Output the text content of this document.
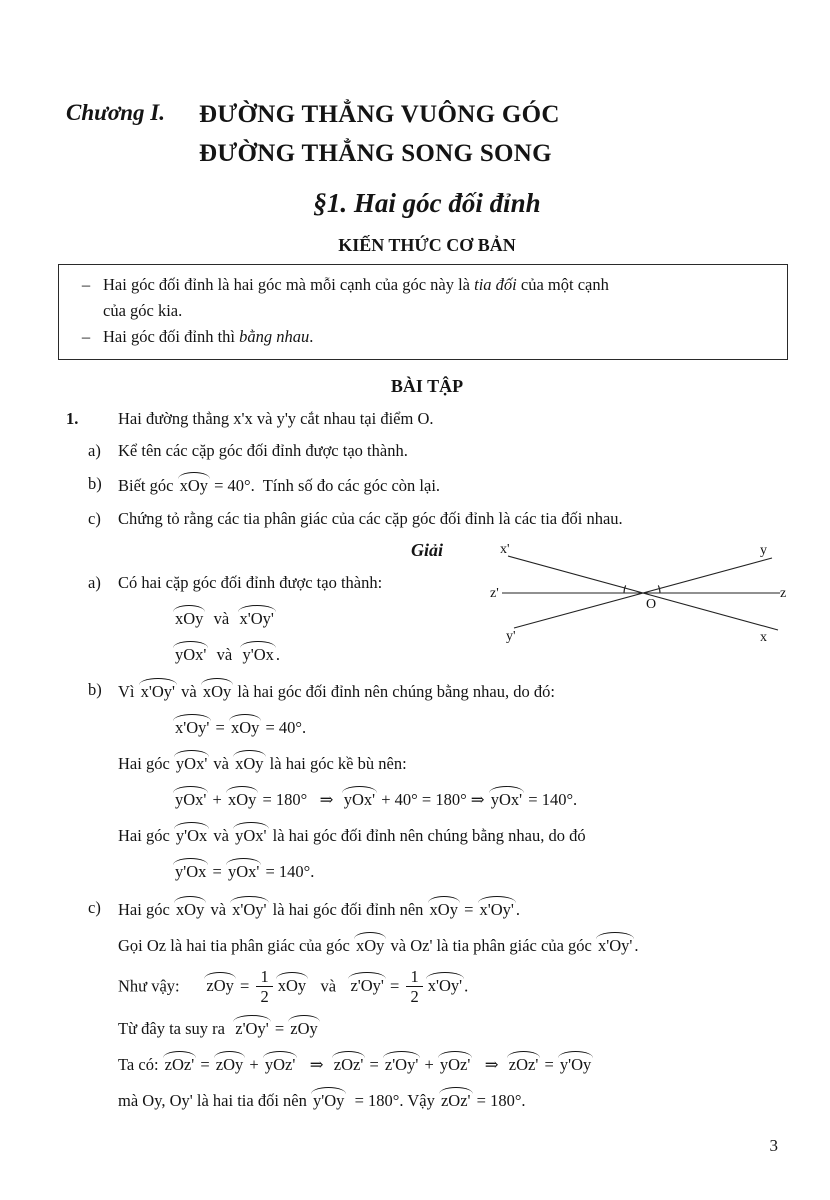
Chương I. ĐƯỜNG THẲNG VUÔNG GÓC
ĐƯỜNG THẲNG SONG SONG
§1. Hai góc đối đỉnh
KIẾN THỨC CƠ BẢN
– Hai góc đối đỉnh là hai góc mà mỗi cạnh của góc này là tia đối của một cạnh
của góc kia.
– Hai góc đối đỉnh thì bằng nhau.
BÀI TẬP
1.	Hai đường thẳng x'x và y'y cắt nhau tại điểm O.
a)	Kể tên các cặp góc đối đỉnh được tạo thành.
b) Biết góc xOy = 40°.  Tính số đo các góc còn lại.
c)	Chứng tỏ rằng các tia phân giác của các cặp góc đối đỉnh là các tia đối nhau.
Giải	x'	y
z'	z
y'	x
O
a)	Có hai cặp góc đối đỉnh được tạo thành:
xOy  và  x'Oy'
yOx'  và  y'Ox .
b) Vì x'Oy' và xOy là hai góc đối đỉnh nên chúng bằng nhau, do đó:
x'Oy' = xOy = 40°.
Hai góc yOx' và xOy là hai góc kề bù nên:
yOx' + xOy = 180°   ⇒  yOx' + 40° = 180° ⇒ yOx' = 140°.
Hai góc y'Ox và yOx' là hai góc đối đỉnh nên chúng bằng nhau, do đó
y'Ox = yOx' = 140°.
c)	Hai góc xOy và x'Oy' là hai góc đối đỉnh nên xOy = x'Oy' .
Gọi Oz là hai tia phân giác của góc xOy và Oz' là tia phân giác của góc x'Oy' .
Như vậy:      zOy = $\frac{1}{2}$ xOy   và   $z'Oy' = \frac{1}{2} x'Oy'$ .
Từ đây ta suy ra  z'Oy' = zOy
Ta có: zOz' = zOy + yOz'   ⇒  zOz' = z'Oy' + yOz'   ⇒  zOz' = y'Oy
mà Oy, Oy' là hai tia đối nên y'Oy  = 180°. Vậy zOz' = 180°.
3
